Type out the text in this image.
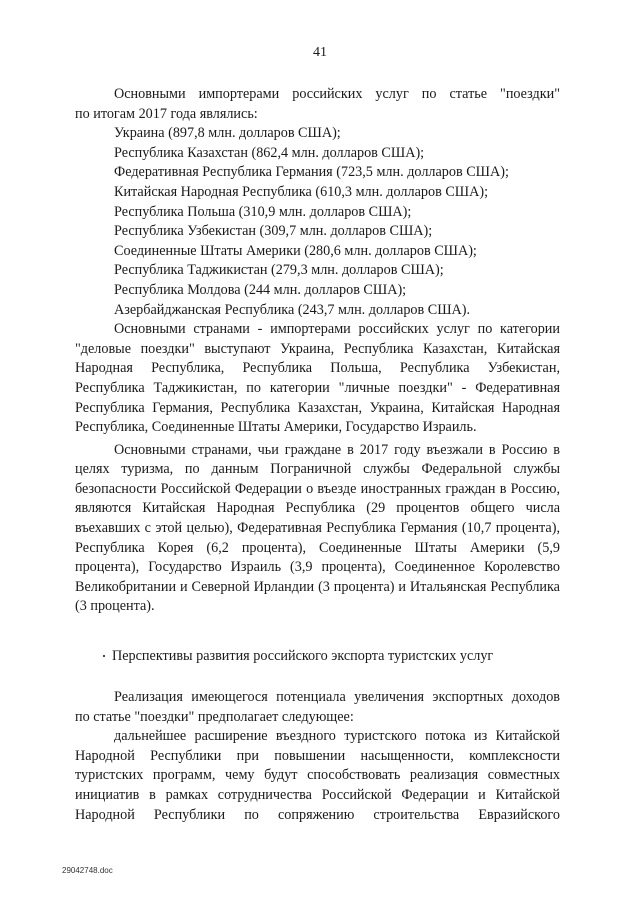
41

Основными импортерами российских услуг по статье "поездки"

по итогам 2017 года являлись:

Украина (897,8 млн. долларов США);
Республика Казахстан (862,4 млн. долларов США);
Федеративная Республика Германия (723,5 млн. долларов США);
Китайская Народная Республика (610,3 млн. долларов США);
Республика Польша (310,9 млн. долларов США);
Республика Узбекистан (309,7 млн. долларов США);
Соединенные Штаты Америки (280,6 млн. долларов США);
Республика Таджикистан (279,3 млн. долларов США);
Республика Молдова (244 млн. долларов США);
Азербайджанская Республика (243,7 млн. долларов США).

Основными странами - импортерами российских услуг по категории "деловые поездки" выступают Украина, Республика Казахстан, Китайская Народная Республика, Республика Польша, Республика Узбекистан, Республика Таджикистан, по категории "личные поездки" - Федеративная Республика Германия, Республика Казахстан, Украина, Китайская Народная Республика, Соединенные Штаты Америки, Государство Израиль.

Основными странами, чьи граждане в 2017 году въезжали в Россию в целях туризма, по данным Пограничной службы Федеральной службы безопасности Российской Федерации о въезде иностранных граждан в Россию, являются Китайская Народная Республика (29 процентов общего числа въехавших с этой целью), Федеративная Республика Германия (10,7 процента), Республика Корея (6,2 процента), Соединенные Штаты Америки (5,9 процента), Государство Израиль (3,9 процента), Соединенное Королевство Великобритании и Северной Ирландии (3 процента) и Итальянская Республика (3 процента).

Перспективы развития российского экспорта туристских услуг

Реализация имеющегося потенциала увеличения экспортных доходов

по статье "поездки" предполагает следующее:

дальнейшее расширение въездного туристского потока из Китайской Народной Республики при повышении насыщенности, комплексности туристских программ, чему будут способствовать реализация совместных инициатив в рамках сотрудничества Российской Федерации и Китайской Народной Республики по сопряжению строительства Евразийского

29042748.doc
